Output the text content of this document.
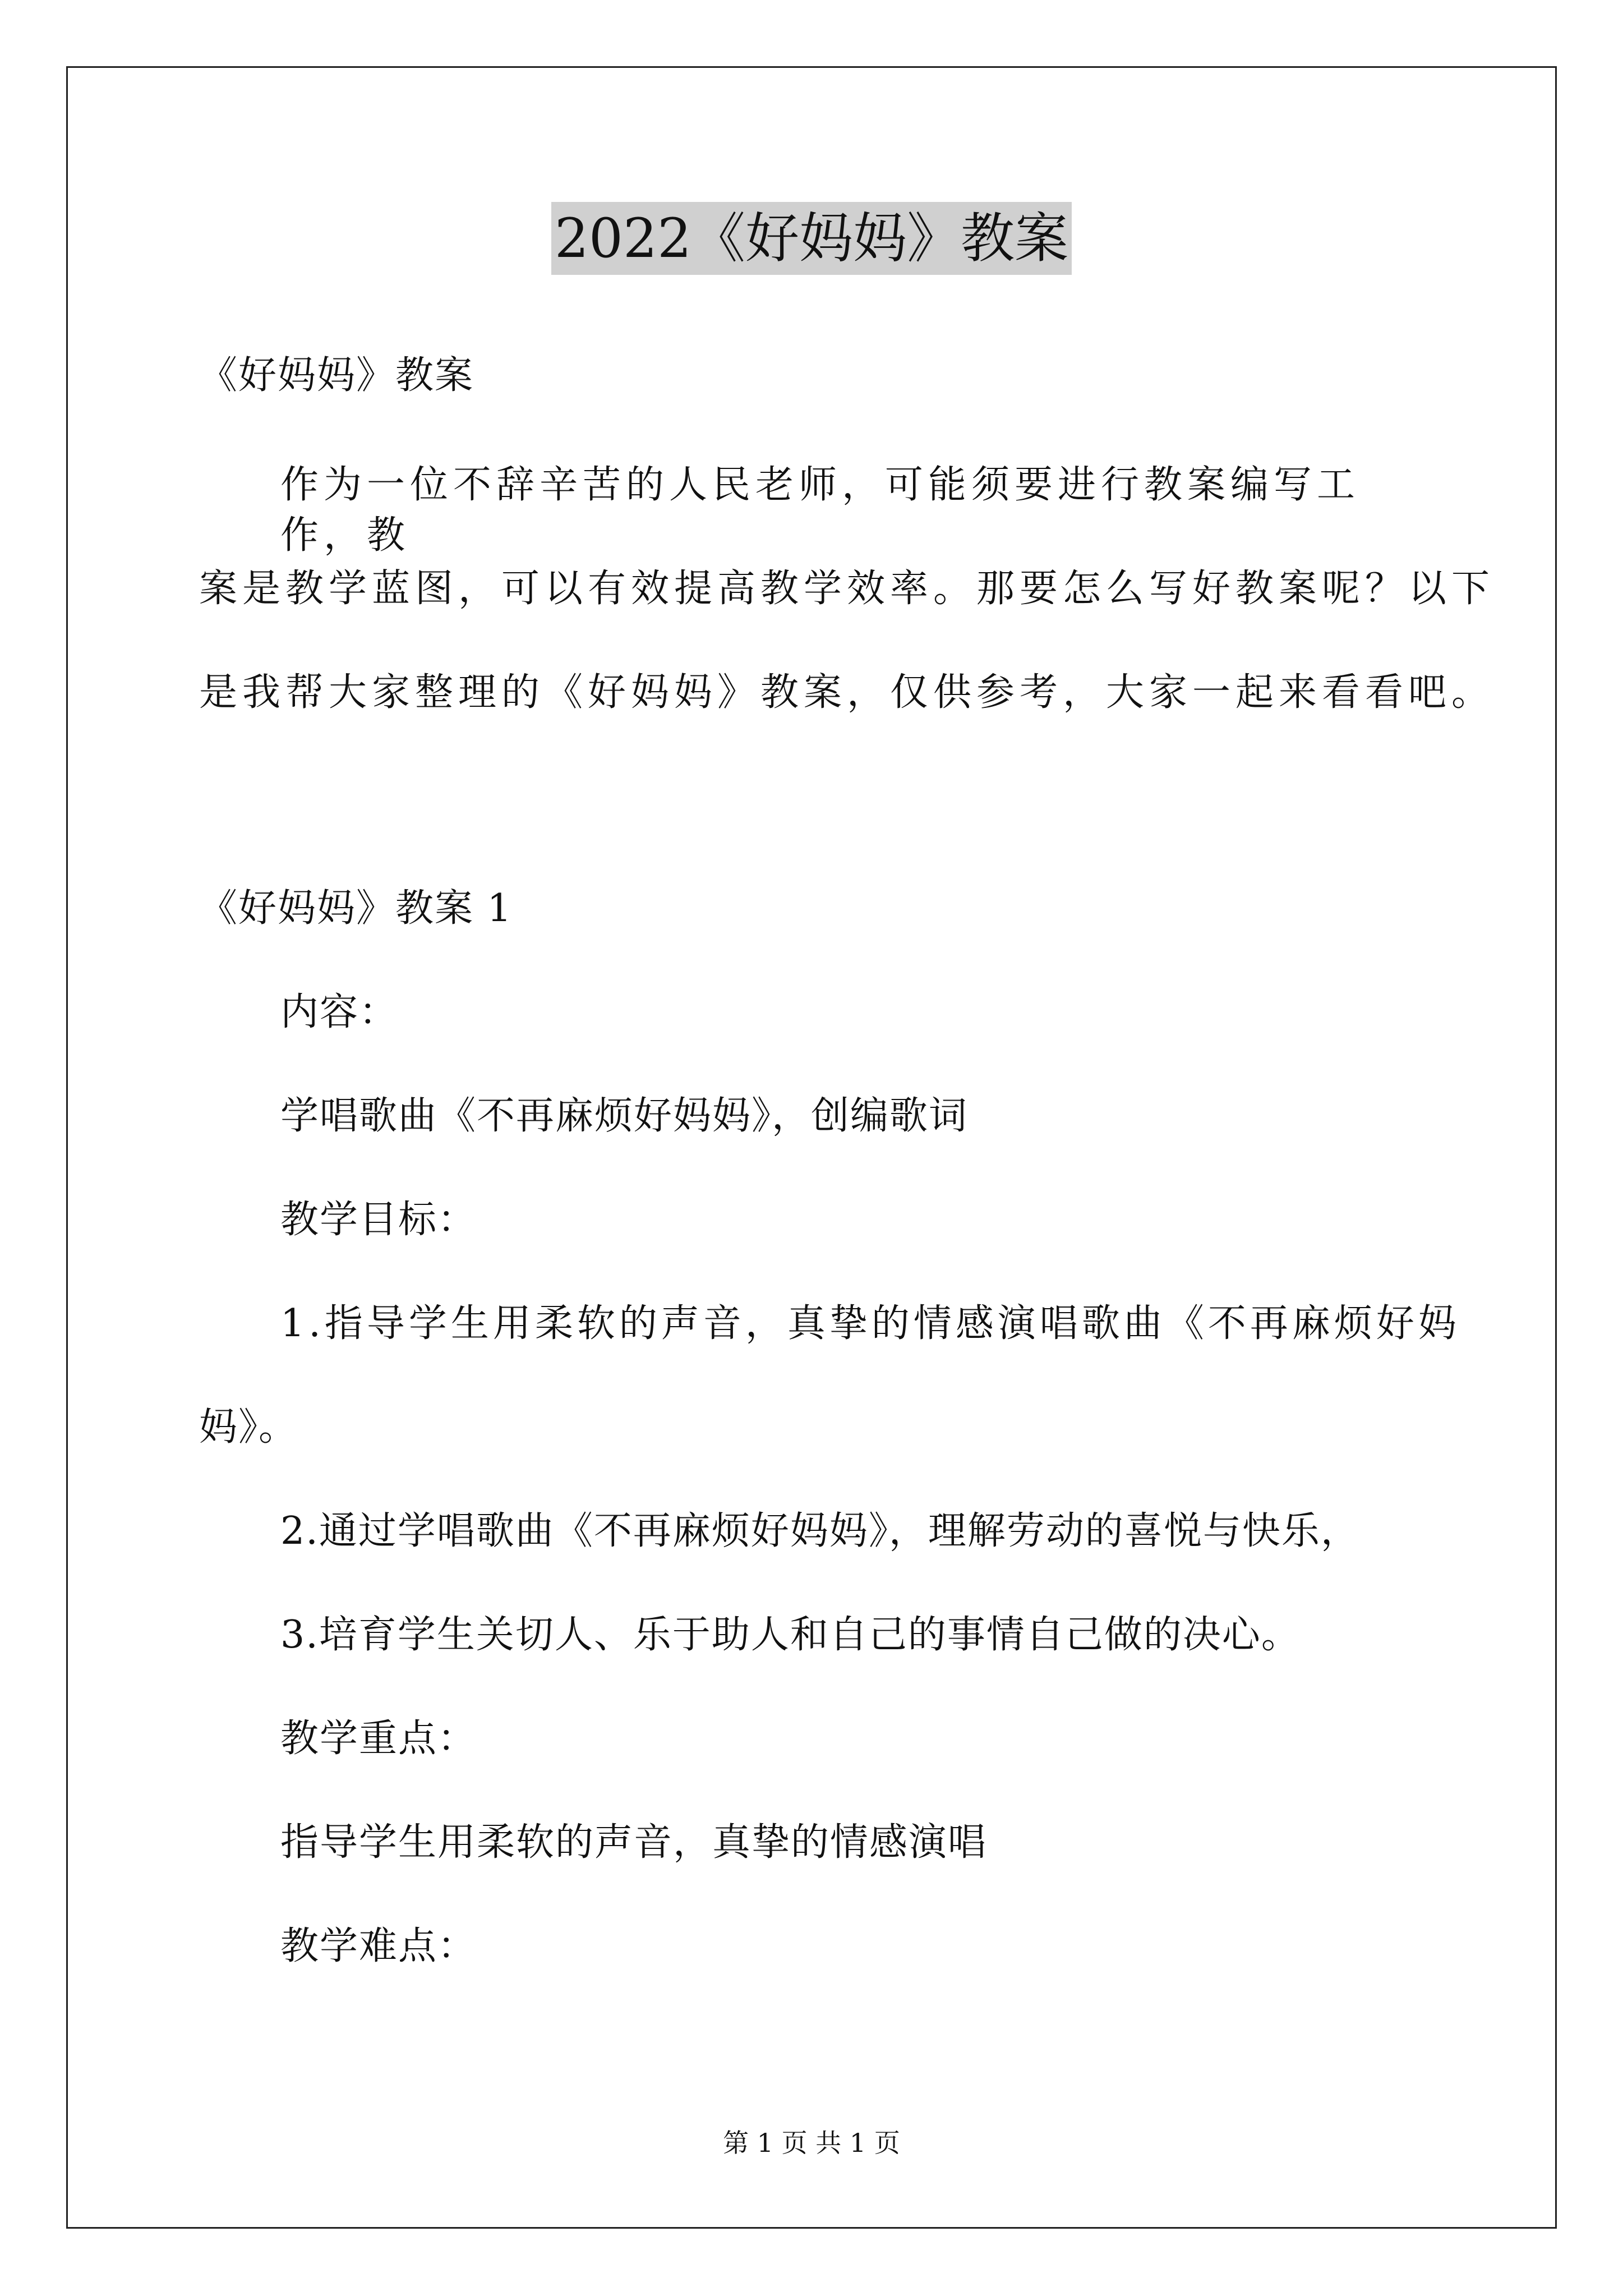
2022《好妈妈》教案
《好妈妈》教案
作为一位不辞辛苦的人民老师，可能须要进行教案编写工作，教
案是教学蓝图，可以有效提高教学效率。那要怎么写好教案呢？以下
是我帮大家整理的《好妈妈》教案，仅供参考，大家一起来看看吧。
《好妈妈》教案 1
内容：
学唱歌曲《不再麻烦好妈妈》，创编歌词
教学目标：
1.指导学生用柔软的声音，真挚的情感演唱歌曲《不再麻烦好妈
妈》。
2.通过学唱歌曲《不再麻烦好妈妈》，理解劳动的喜悦与快乐，
3.培育学生关切人、乐于助人和自己的事情自己做的决心。
教学重点：
指导学生用柔软的声音，真挚的情感演唱
教学难点：
第 1 页 共 1 页
